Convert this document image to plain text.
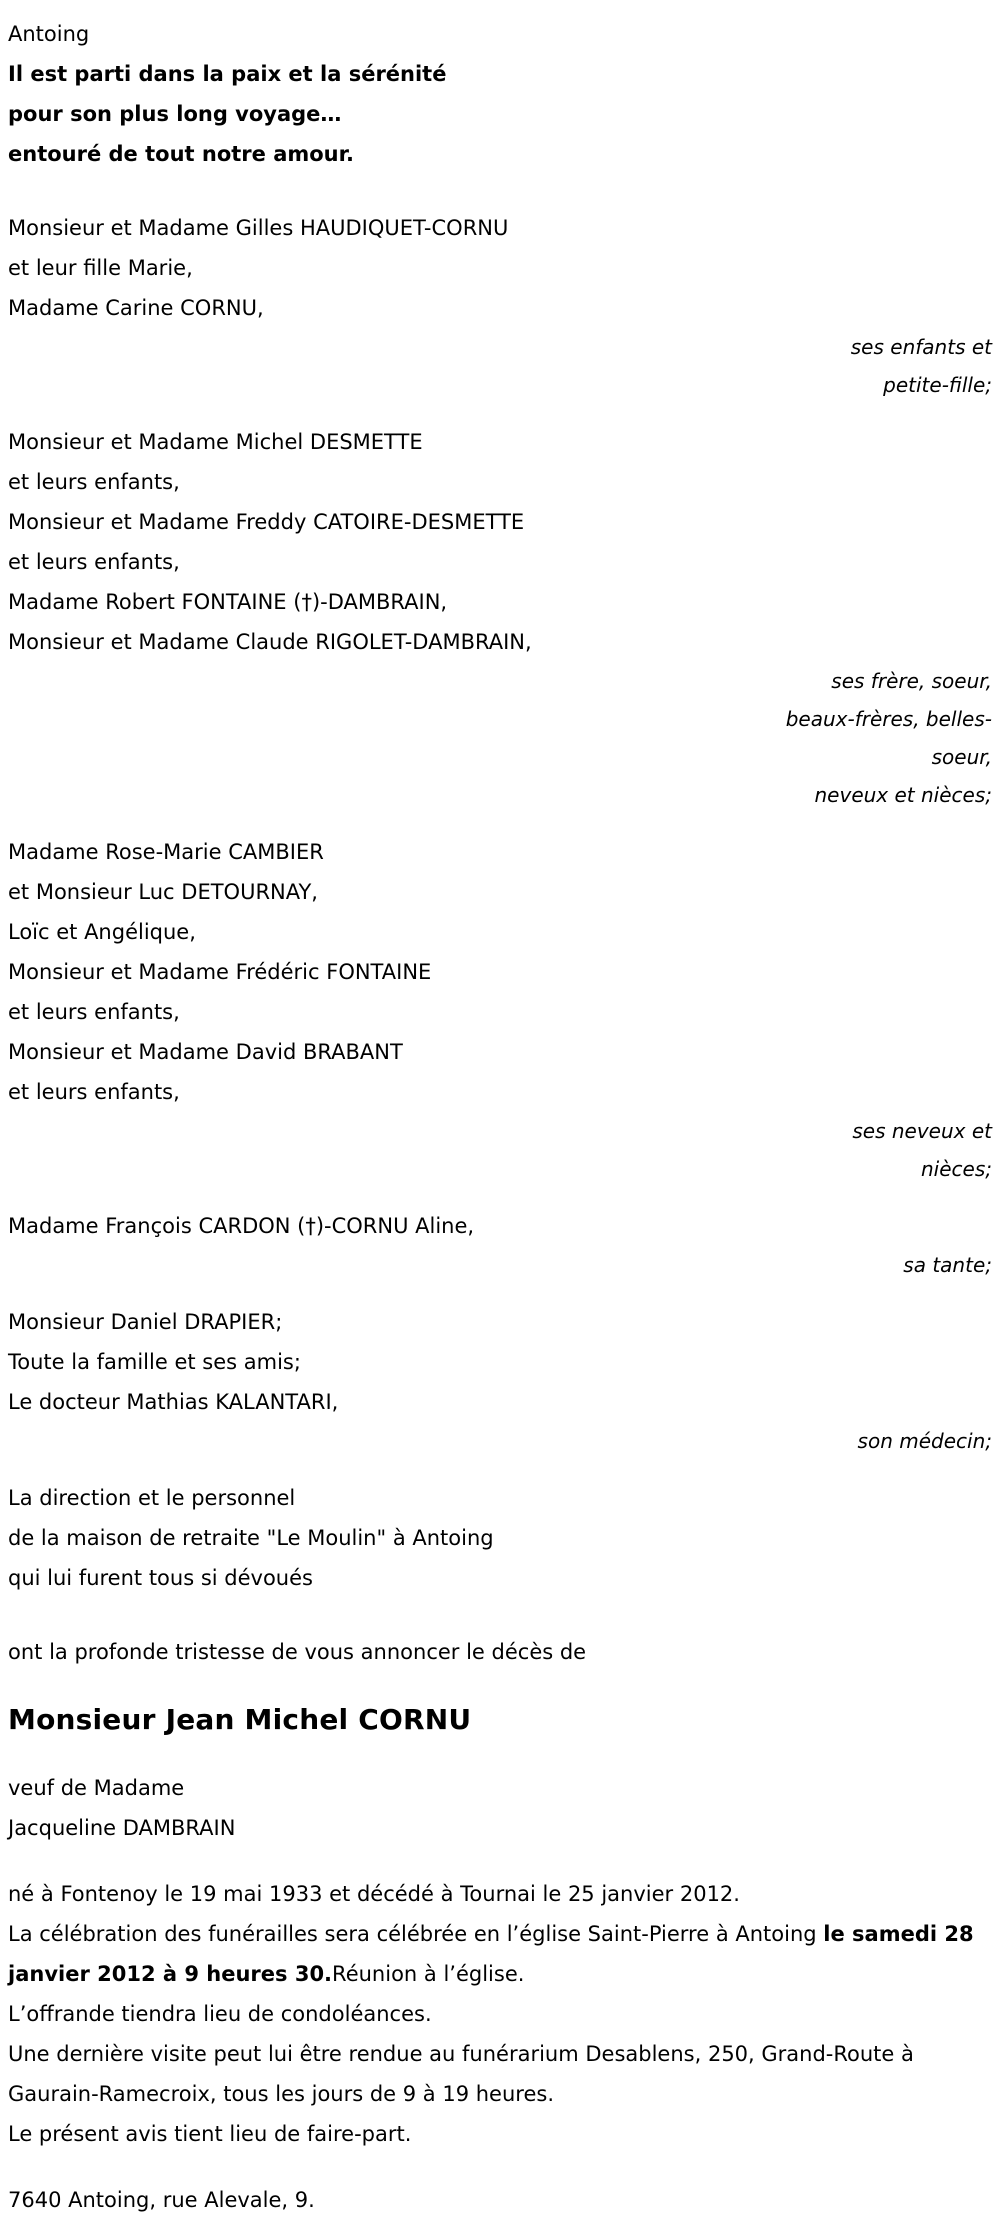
Antoing
Il est parti dans la paix et la sérénité
pour son plus long voyage…
entouré de tout notre amour.
Monsieur et Madame Gilles HAUDIQUET-CORNU
et leur fille Marie,
Madame Carine CORNU,
ses enfants et
petite-fille;
Monsieur et Madame Michel DESMETTE
et leurs enfants,
Monsieur et Madame Freddy CATOIRE-DESMETTE
et leurs enfants,
Madame Robert FONTAINE (†)-DAMBRAIN,
Monsieur et Madame Claude RIGOLET-DAMBRAIN,
ses frère, soeur,
beaux-frères, belles-
soeur,
neveux et nièces;
Madame Rose-Marie CAMBIER
et Monsieur Luc DETOURNAY,
Loïc et Angélique,
Monsieur et Madame Frédéric FONTAINE
et leurs enfants,
Monsieur et Madame David BRABANT
et leurs enfants,
ses neveux et
nièces;
Madame François CARDON (†)-CORNU Aline,
sa tante;
Monsieur Daniel DRAPIER;
Toute la famille et ses amis;
Le docteur Mathias KALANTARI,
son médecin;
La direction et le personnel
de la maison de retraite "Le Moulin" à Antoing
qui lui furent tous si dévoués
ont la profonde tristesse de vous annoncer le décès de
Monsieur Jean Michel CORNU
veuf de Madame
Jacqueline DAMBRAIN
né à Fontenoy le 19 mai 1933 et décédé à Tournai le 25 janvier 2012.
La célébration des funérailles sera célébrée en l’église Saint-Pierre à Antoing le samedi 28 janvier 2012 à 9 heures 30.Réunion à l’église.
L’offrande tiendra lieu de condoléances.
Une dernière visite peut lui être rendue au funérarium Desablens, 250, Grand-Route à Gaurain-Ramecroix, tous les jours de 9 à 19 heures.
Le présent avis tient lieu de faire-part.
7640 Antoing, rue Alevale, 9.
